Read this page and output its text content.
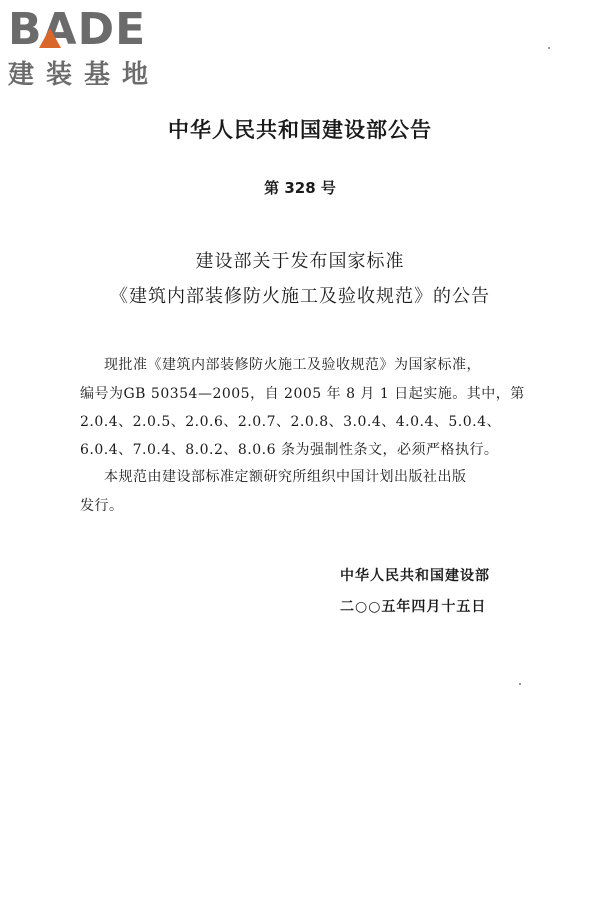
BADE
建装基地
中华人民共和国建设部公告
第 328 号
建设部关于发布国家标准
《建筑内部装修防火施工及验收规范》的公告
现批准《建筑内部装修防火施工及验收规范》为国家标准，
编号为GB 50354—2005，自 2005 年 8 月 1 日起实施。其中，第
2.0.4、2.0.5、2.0.6、2.0.7、2.0.8、3.0.4、4.0.4、5.0.4、
6.0.4、7.0.4、8.0.2、8.0.6 条为强制性条文，必须严格执行。
本规范由建设部标准定额研究所组织中国计划出版社出版
发行。
中华人民共和国建设部
二○○五年四月十五日
